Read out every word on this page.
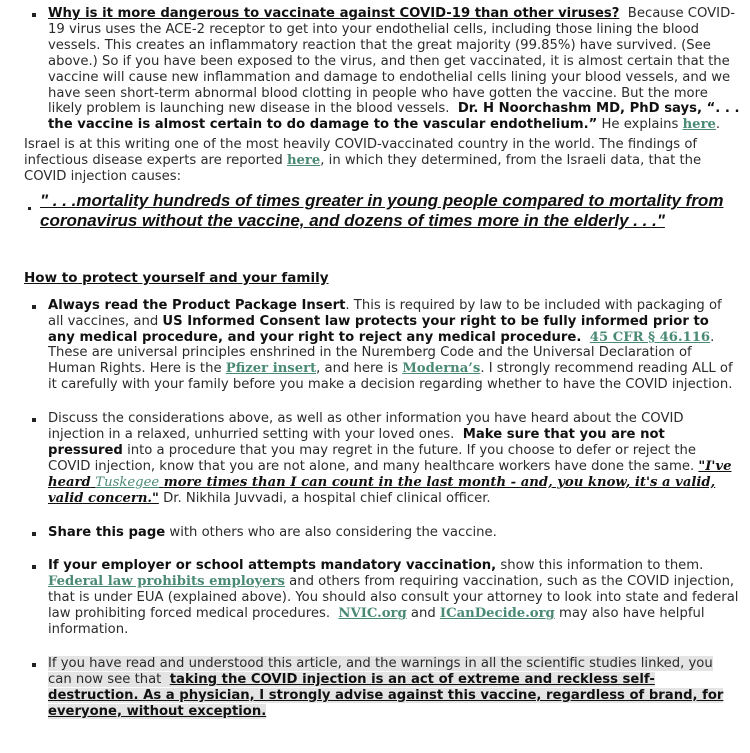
Why is it more dangerous to vaccinate against COVID-19 than other viruses? Because COVID-19 virus uses the ACE-2 receptor to get into your endothelial cells, including those lining the blood vessels. This creates an inflammatory reaction that the great majority (99.85%) have survived. (See above.) So if you have been exposed to the virus, and then get vaccinated, it is almost certain that the vaccine will cause new inflammation and damage to endothelial cells lining your blood vessels, and we have seen short-term abnormal blood clotting in people who have gotten the vaccine. But the more likely problem is launching new disease in the blood vessels. Dr. H Noorchashm MD, PhD says, “. . . the vaccine is almost certain to do damage to the vascular endothelium.” He explains here.

Israel is at this writing one of the most heavily COVID-vaccinated country in the world. The findings of infectious disease experts are reported here, in which they determined, from the Israeli data, that the COVID injection causes:

" . . .mortality hundreds of times greater in young people compared to mortality from coronavirus without the vaccine, and dozens of times more in the elderly . . ."
How to protect yourself and your family
Always read the Product Package Insert. This is required by law to be included with packaging of all vaccines, and US Informed Consent law protects your right to be fully informed prior to any medical procedure, and your right to reject any medical procedure. 45 CFR § 46.116. These are universal principles enshrined in the Nuremberg Code and the Universal Declaration of Human Rights. Here is the Pfizer insert, and here is Moderna’s. I strongly recommend reading ALL of it carefully with your family before you make a decision regarding whether to have the COVID injection.
Discuss the considerations above, as well as other information you have heard about the COVID injection in a relaxed, unhurried setting with your loved ones. Make sure that you are not pressured into a procedure that you may regret in the future. If you choose to defer or reject the COVID injection, know that you are not alone, and many healthcare workers have done the same. "I've heard Tuskegee more times than I can count in the last month - and, you know, it's a valid, valid concern." Dr. Nikhila Juvvadi, a hospital chief clinical officer.
Share this page with others who are also considering the vaccine.
If your employer or school attempts mandatory vaccination, show this information to them. Federal law prohibits employers and others from requiring vaccination, such as the COVID injection, that is under EUA (explained above). You should also consult your attorney to look into state and federal law prohibiting forced medical procedures. NVIC.org and ICanDecide.org may also have helpful information.
If you have read and understood this article, and the warnings in all the scientific studies linked, you can now see that taking the COVID injection is an act of extreme and reckless self-destruction. As a physician, I strongly advise against this vaccine, regardless of brand, for everyone, without exception.
